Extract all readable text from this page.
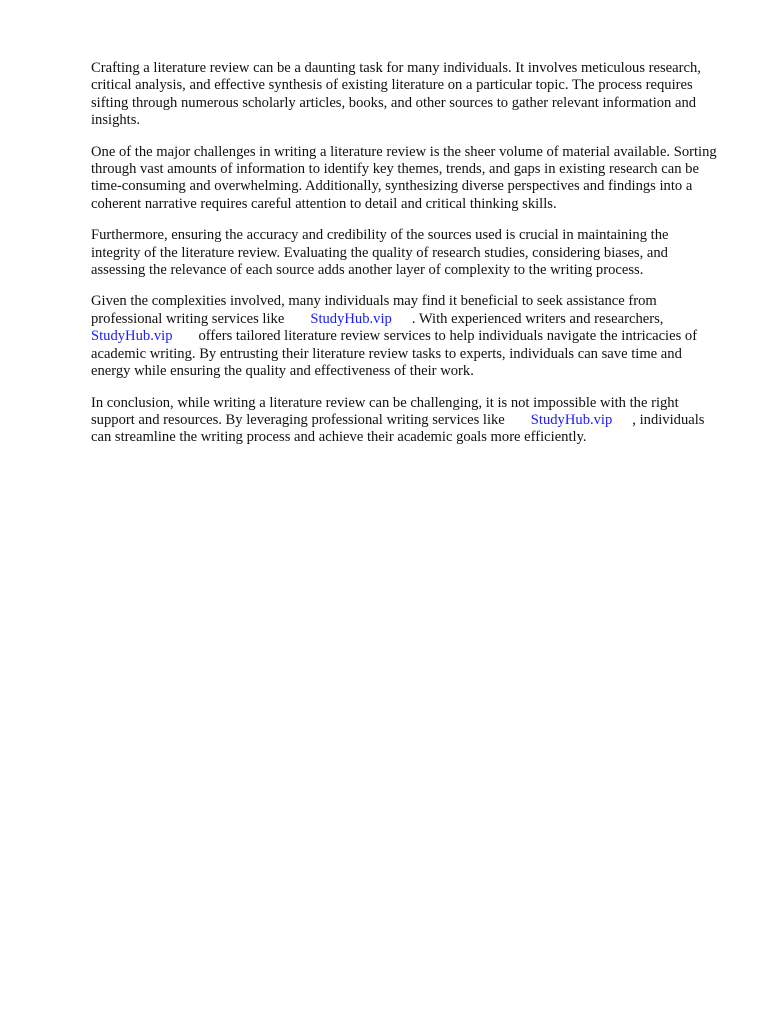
Crafting a literature review can be a daunting task for many individuals. It involves meticulous research, critical analysis, and effective synthesis of existing literature on a particular topic. The process requires sifting through numerous scholarly articles, books, and other sources to gather relevant information and insights.

One of the major challenges in writing a literature review is the sheer volume of material available. Sorting through vast amounts of information to identify key themes, trends, and gaps in existing research can be time-consuming and overwhelming. Additionally, synthesizing diverse perspectives and findings into a coherent narrative requires careful attention to detail and critical thinking skills.

Furthermore, ensuring the accuracy and credibility of the sources used is crucial in maintaining the integrity of the literature review. Evaluating the quality of research studies, considering biases, and assessing the relevance of each source adds another layer of complexity to the writing process.

Given the complexities involved, many individuals may find it beneficial to seek assistance from professional writing services like StudyHub.vip . With experienced writers and researchers, StudyHub.vip offers tailored literature review services to help individuals navigate the intricacies of academic writing. By entrusting their literature review tasks to experts, individuals can save time and energy while ensuring the quality and effectiveness of their work.

In conclusion, while writing a literature review can be challenging, it is not impossible with the right support and resources. By leveraging professional writing services like StudyHub.vip , individuals can streamline the writing process and achieve their academic goals more efficiently.
